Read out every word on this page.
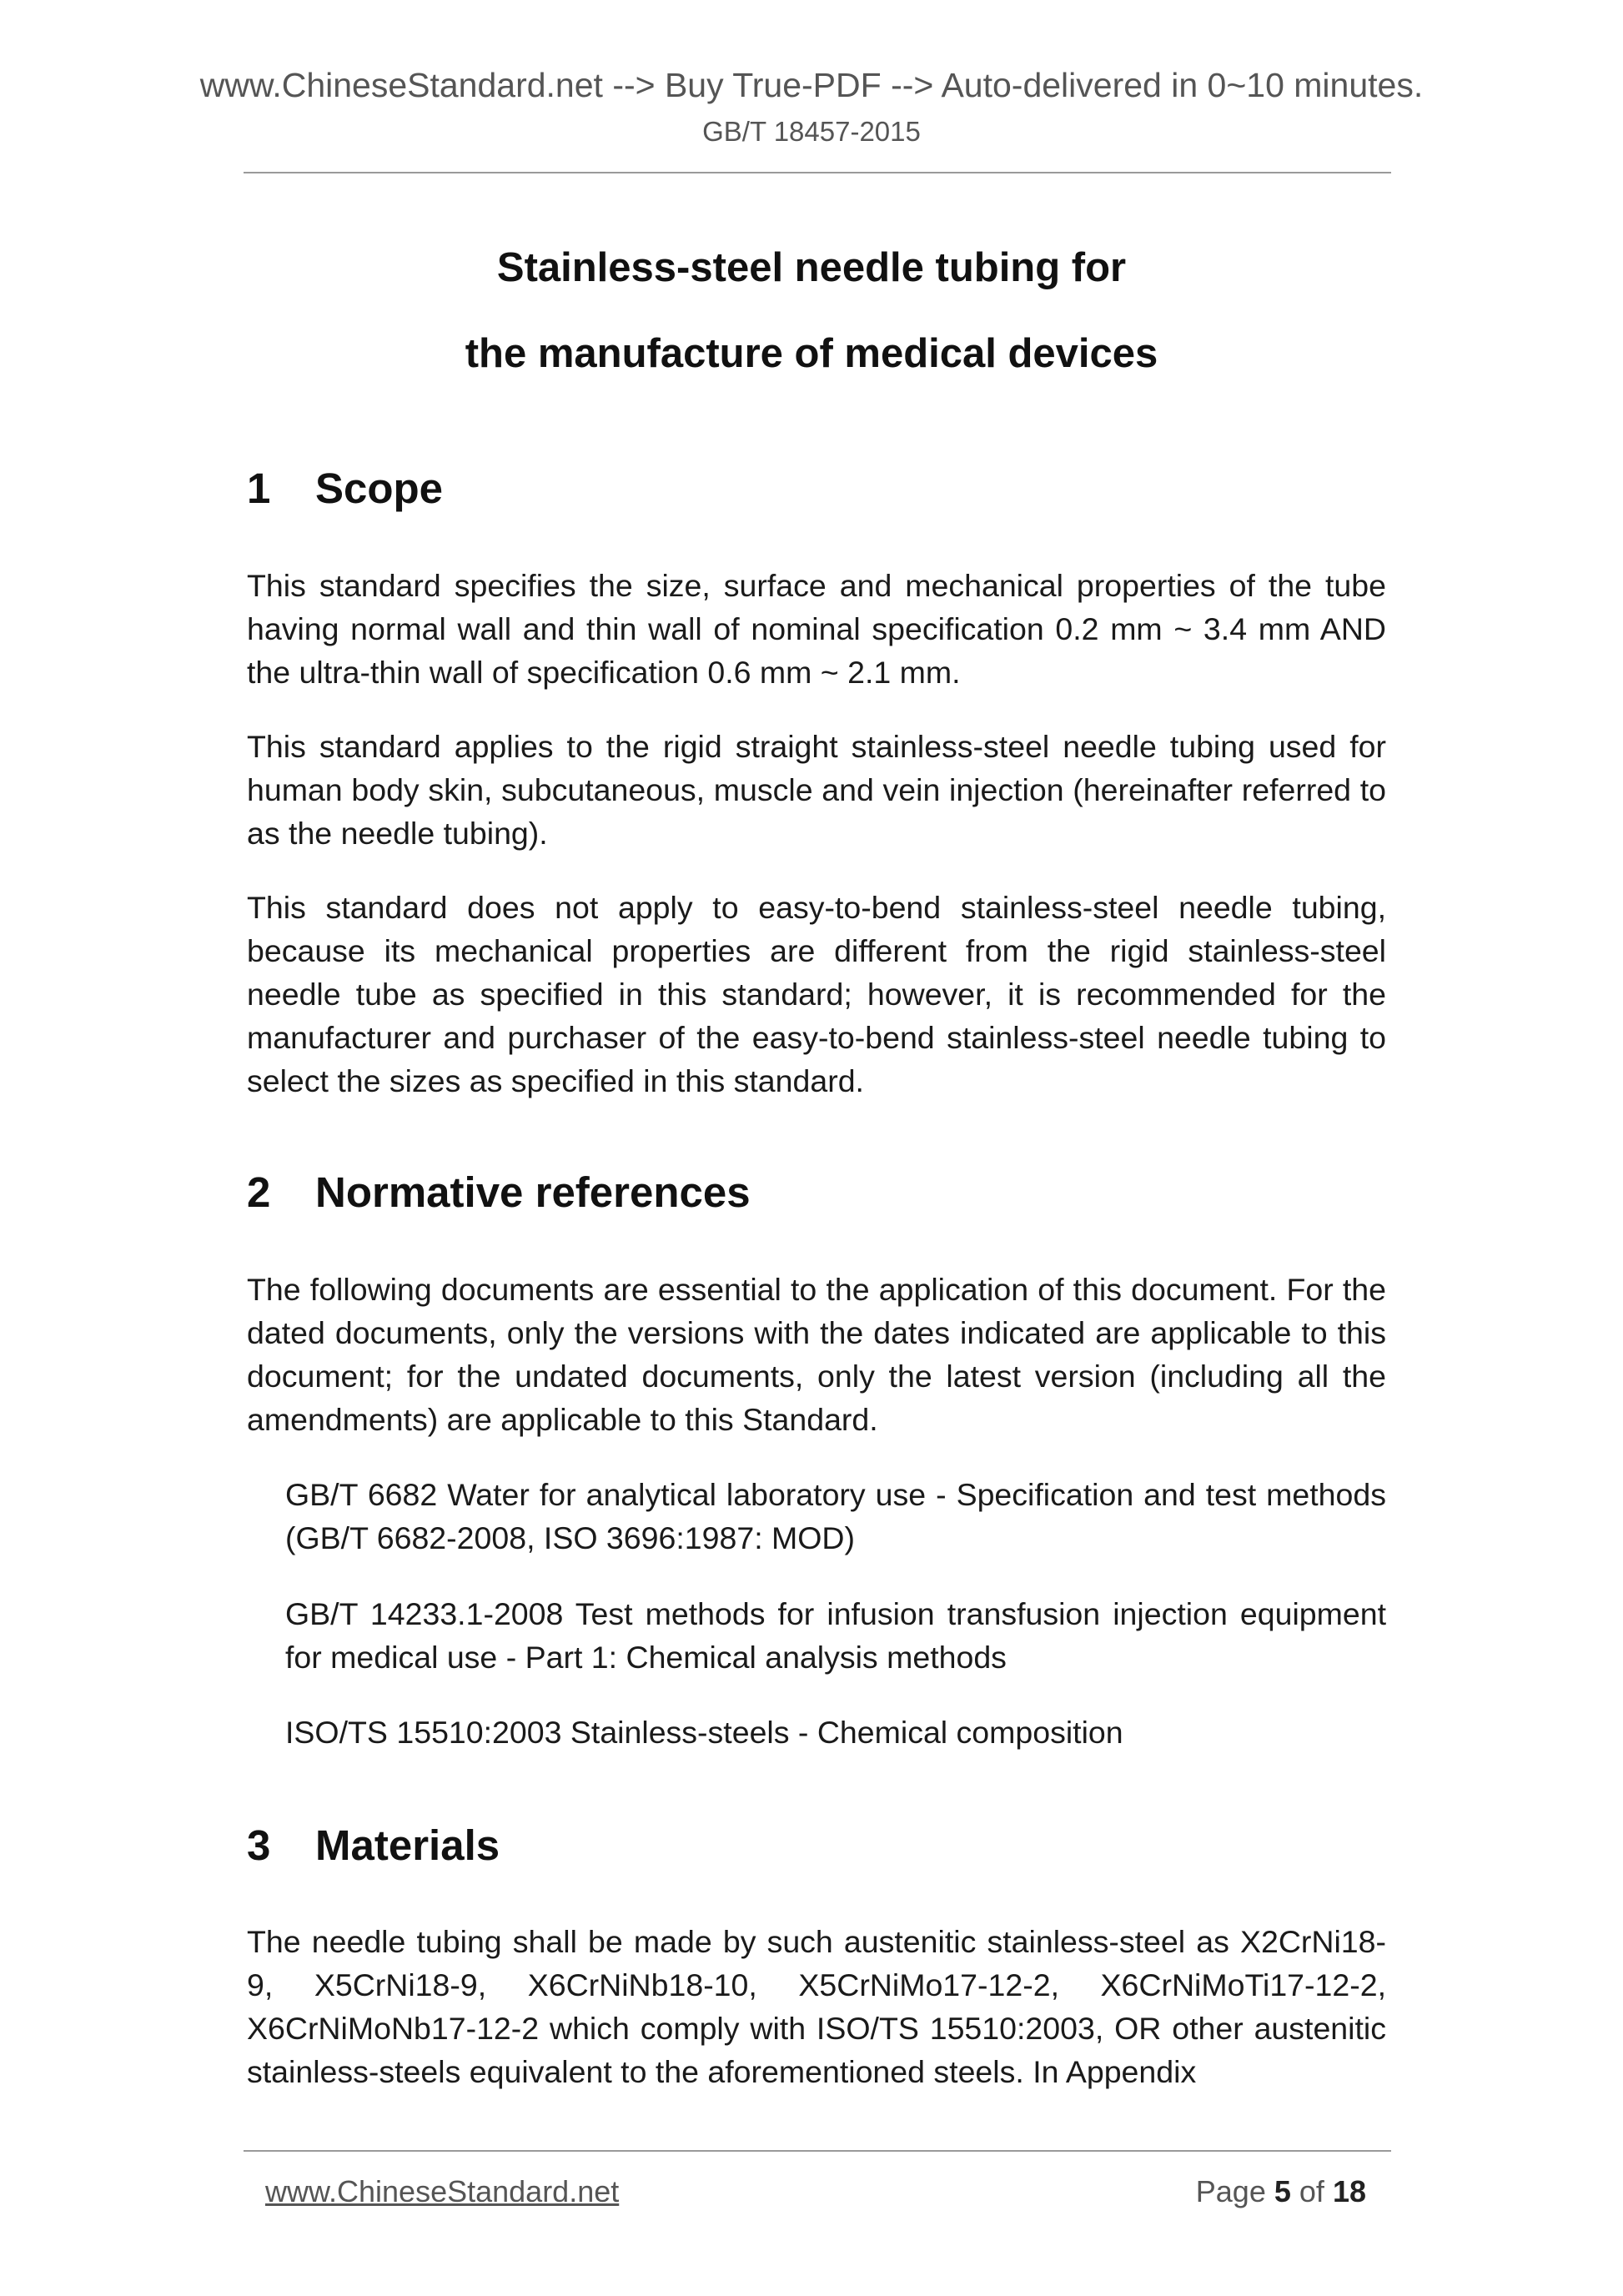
www.ChineseStandard.net --> Buy True-PDF --> Auto-delivered in 0~10 minutes.
GB/T 18457-2015
Stainless-steel needle tubing for
the manufacture of medical devices
1 Scope
This standard specifies the size, surface and mechanical properties of the tube having normal wall and thin wall of nominal specification 0.2 mm ~ 3.4 mm AND the ultra-thin wall of specification 0.6 mm ~ 2.1 mm.
This standard applies to the rigid straight stainless-steel needle tubing used for human body skin, subcutaneous, muscle and vein injection (hereinafter referred to as the needle tubing).
This standard does not apply to easy-to-bend stainless-steel needle tubing, because its mechanical properties are different from the rigid stainless-steel needle tube as specified in this standard; however, it is recommended for the manufacturer and purchaser of the easy-to-bend stainless-steel needle tubing to select the sizes as specified in this standard.
2 Normative references
The following documents are essential to the application of this document. For the dated documents, only the versions with the dates indicated are applicable to this document; for the undated documents, only the latest version (including all the amendments) are applicable to this Standard.
GB/T 6682 Water for analytical laboratory use - Specification and test methods (GB/T 6682-2008, ISO 3696:1987: MOD)
GB/T 14233.1-2008 Test methods for infusion transfusion injection equipment for medical use - Part 1: Chemical analysis methods
ISO/TS 15510:2003 Stainless-steels - Chemical composition
3 Materials
The needle tubing shall be made by such austenitic stainless-steel as X2CrNi18-9, X5CrNi18-9, X6CrNiNb18-10, X5CrNiMo17-12-2, X6CrNiMoTi17-12-2, X6CrNiMoNb17-12-2 which comply with ISO/TS 15510:2003, OR other austenitic stainless-steels equivalent to the aforementioned steels. In Appendix
www.ChineseStandard.net	Page 5 of 18
